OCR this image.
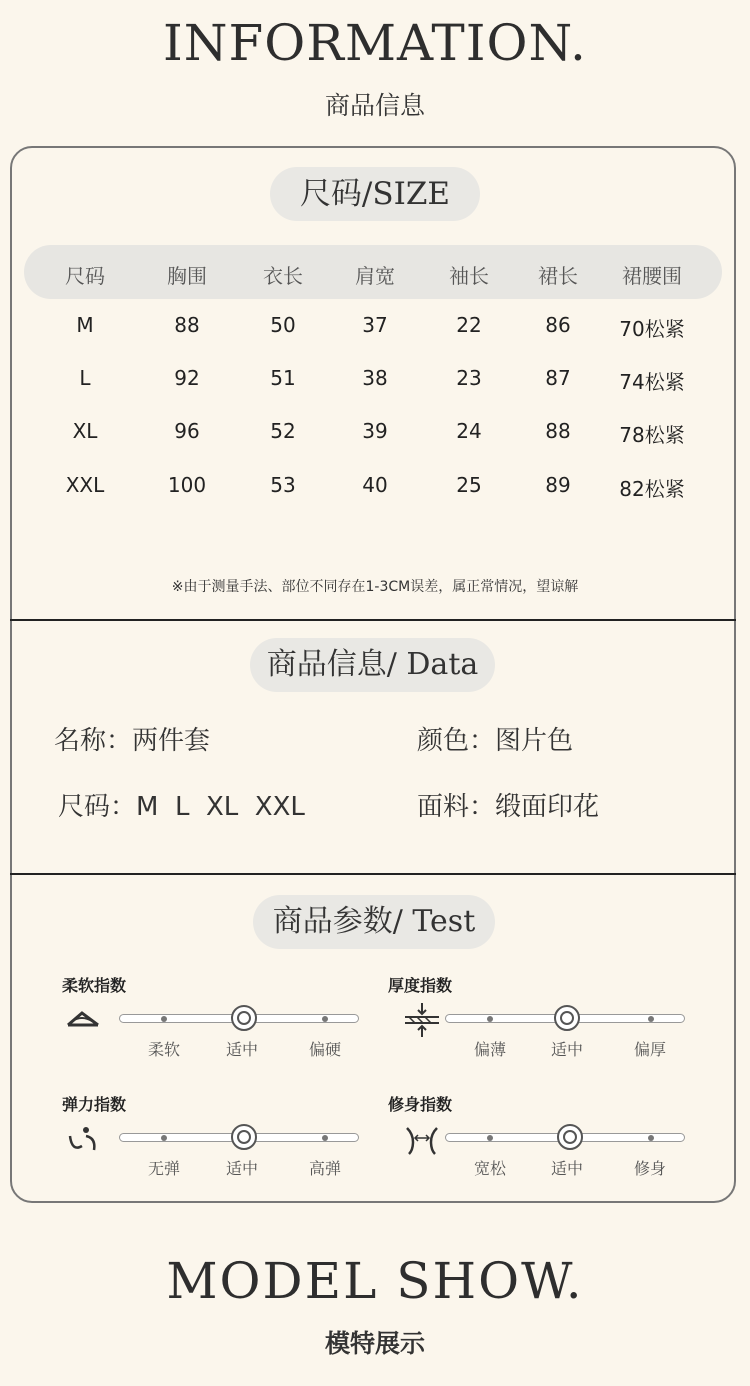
INFORMATION.
商品信息
尺码/SIZE
尺码	胸围	衣长	肩宽	袖长	裙长	裙腰围
M	88	50	37	22	86	70松紧
L	92	51	38	23	87	74松紧
XL	96	52	39	24	88	78松紧
XXL	100	53	40	25	89	82松紧
※由于测量手法、部位不同存在1-3CM误差，属正常情况，望谅解
商品信息/ Data
名称：两件套	颜色：图片色
尺码：M  L  XL  XXL	面料：缎面印花
商品参数/ Test
柔软指数
柔软	适中	偏硬
厚度指数
偏薄	适中	偏厚
弹力指数
无弹	适中	高弹
修身指数
宽松	适中	修身
MODEL SHOW.
模特展示
